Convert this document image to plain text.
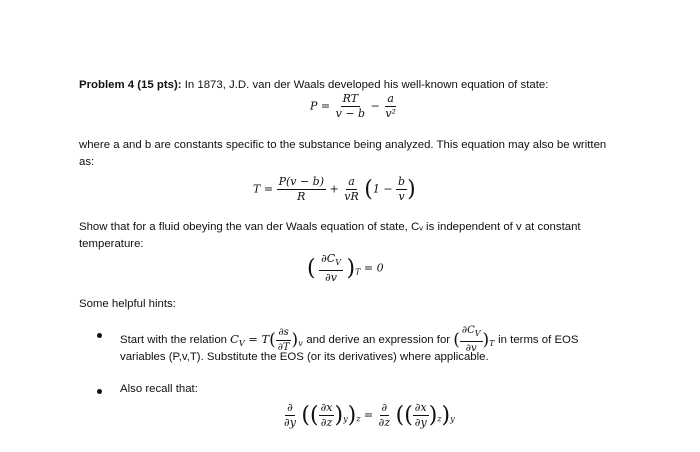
Problem 4 (15 pts): In 1873, J.D. van der Waals developed his well-known equation of state:
$P = \frac{RT}{v - b} - \frac{a}{\text{v²}}$
where a and b are constants specific to the substance being analyzed. This equation may also be written
as:
$T = \frac{P(v - b)}{R} + \frac{a}{vR} (1 - \frac{b}{v}$ )
Show that for a fluid obeying the van der Waals equation of state, Cᵥ is independent of v at constant
temperature:
( $\frac{\partial C_V}{\partial v} )_T = 0$
Some helpful hints:
Start with the relation $C_V = T( \frac{\partial s}{\partial T} )_v$ and derive an expression for ( $\frac{\partial C_V}{\partial v} )_T$ in terms of EOS
variables (P,v,T). Substitute the EOS (or its derivatives) where applicable.
Also recall that:
$\frac{\partial}{\partial y}$ (( $\frac{\partial x}{\partial z} )_y)_z = \frac{\partial}{\partial z}$ (( $\frac{\partial x}{\partial y} )_z)_y$
